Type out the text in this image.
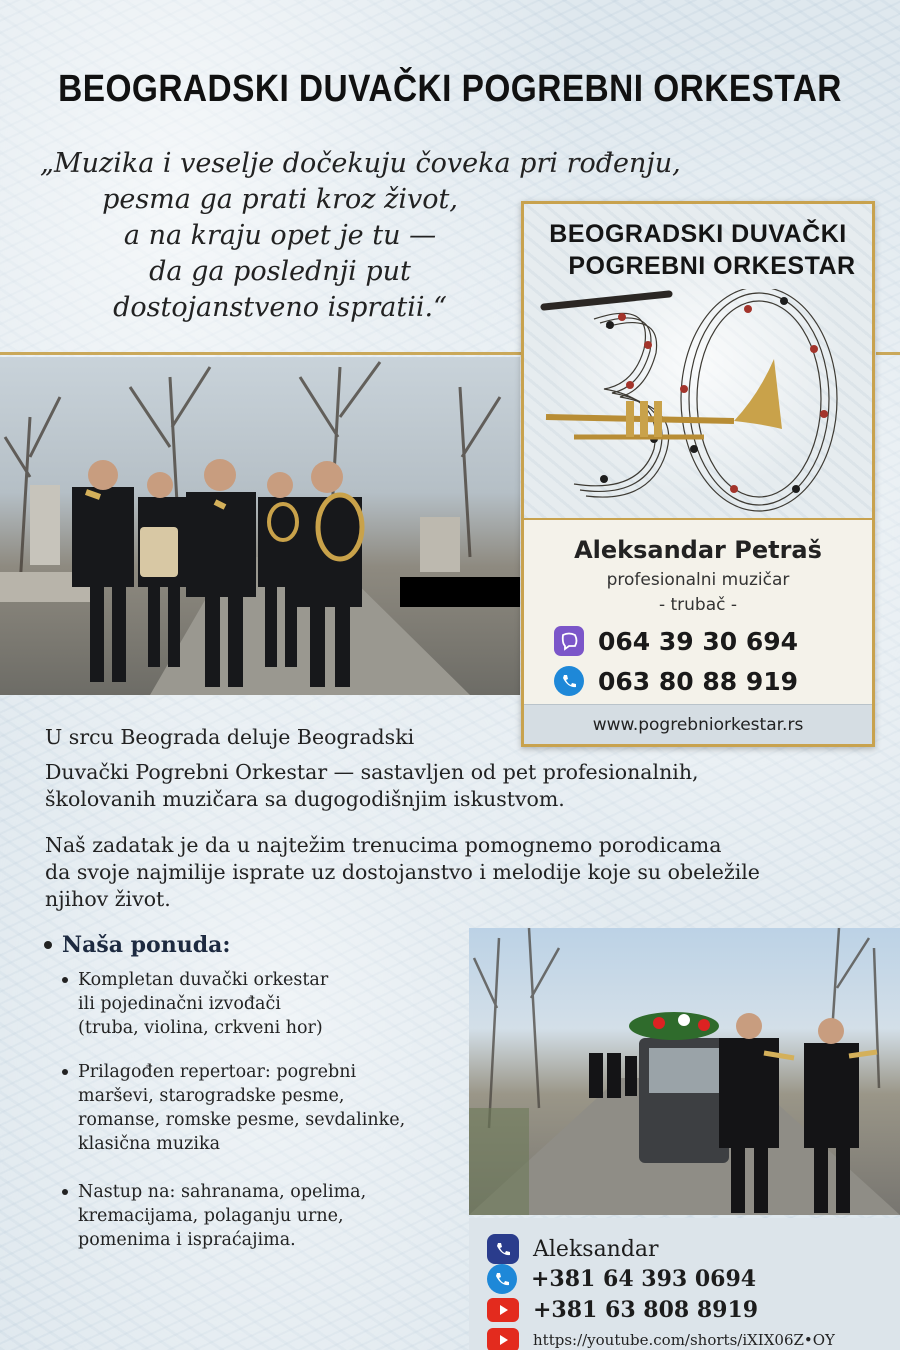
BEOGRADSKI DUVAČKI POGREBNI ORKESTAR
„Muzika i veselje dočekuju čoveka pri rođenju,
pesma ga prati kroz život,
a na kraju opet je tu —
da ga poslednji put
dostojanstveno ispratii.“
BEOGRADSKI DUVAČKI
POGREBNI ORKESTAR
Aleksandar Petraš
profesionalni muzičar
- trubač -
064 39 30 694
063 80 88 919
www.pogrebniorkestar.rs
U srcu Beograda deluje Beogradski
Duvački Pogrebni Orkestar — sastavljen od pet profesionalnih,
školovanih muzičara sa dugogodišnjim iskustvom.
Naš zadatak je da u najtežim trenucima pomognemo porodicama
da svoje najmilije isprate uz dostojanstvo i melodije koje su obeležile
njihov život.
Naša ponuda:
Kompletan duvački orkestar
ili pojedinačni izvođači
(truba, violina, crkveni hor)
Prilagođen repertoar: pogrebni
marševi, starogradske pesme,
romanse, romske pesme, sevdalinke,
klasična muzika
Nastup na: sahranama, opelima,
kremacijama, polaganju urne,
pomenima i ispraćajima.	Aleksandar
+381 64 393 0694
+381 63 808 8919
https://youtube.com/shorts/iXIX06Z•OY
